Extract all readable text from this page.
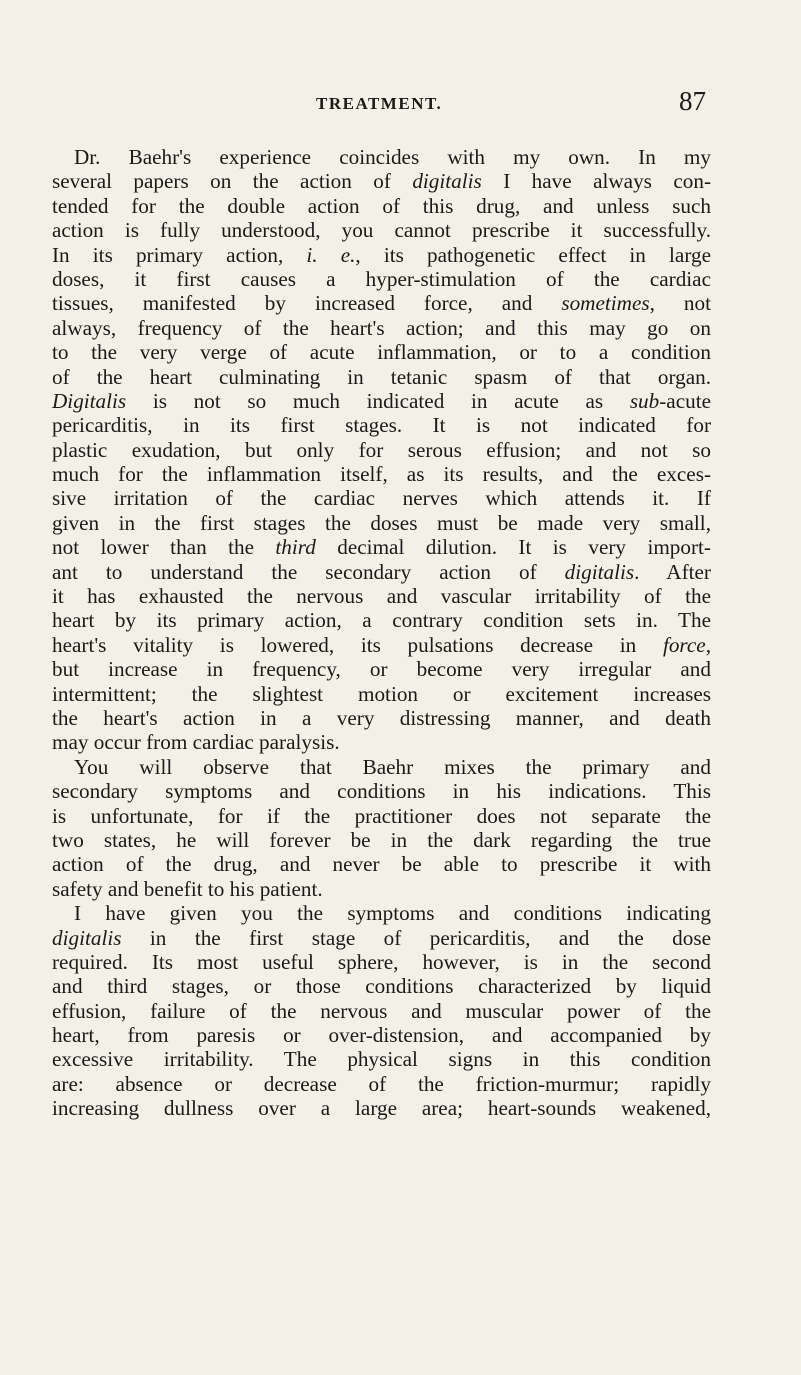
TREATMENT.	87
Dr. Baehr's experience coincides with my own. In my
several papers on the action of digitalis I have always con-
tended for the double action of this drug, and unless such
action is fully understood, you cannot prescribe it successfully.
In its primary action, i. e., its pathogenetic effect in large
doses, it first causes a hyper-stimulation of the cardiac
tissues, manifested by increased force, and sometimes, not
always, frequency of the heart's action; and this may go on
to the very verge of acute inflammation, or to a condition
of the heart culminating in tetanic spasm of that organ.
Digitalis is not so much indicated in acute as sub-acute
pericarditis, in its first stages. It is not indicated for
plastic exudation, but only for serous effusion; and not so
much for the inflammation itself, as its results, and the exces-
sive irritation of the cardiac nerves which attends it. If
given in the first stages the doses must be made very small,
not lower than the third decimal dilution. It is very import-
ant to understand the secondary action of digitalis. After
it has exhausted the nervous and vascular irritability of the
heart by its primary action, a contrary condition sets in. The
heart's vitality is lowered, its pulsations decrease in force,
but increase in frequency, or become very irregular and
intermittent; the slightest motion or excitement increases
the heart's action in a very distressing manner, and death
may occur from cardiac paralysis.
You will observe that Baehr mixes the primary and
secondary symptoms and conditions in his indications. This
is unfortunate, for if the practitioner does not separate the
two states, he will forever be in the dark regarding the true
action of the drug, and never be able to prescribe it with
safety and benefit to his patient.
I have given you the symptoms and conditions indicating
digitalis in the first stage of pericarditis, and the dose
required. Its most useful sphere, however, is in the second
and third stages, or those conditions characterized by liquid
effusion, failure of the nervous and muscular power of the
heart, from paresis or over-distension, and accompanied by
excessive irritability. The physical signs in this condition
are: absence or decrease of the friction-murmur; rapidly
increasing dullness over a large area; heart-sounds weakened,
